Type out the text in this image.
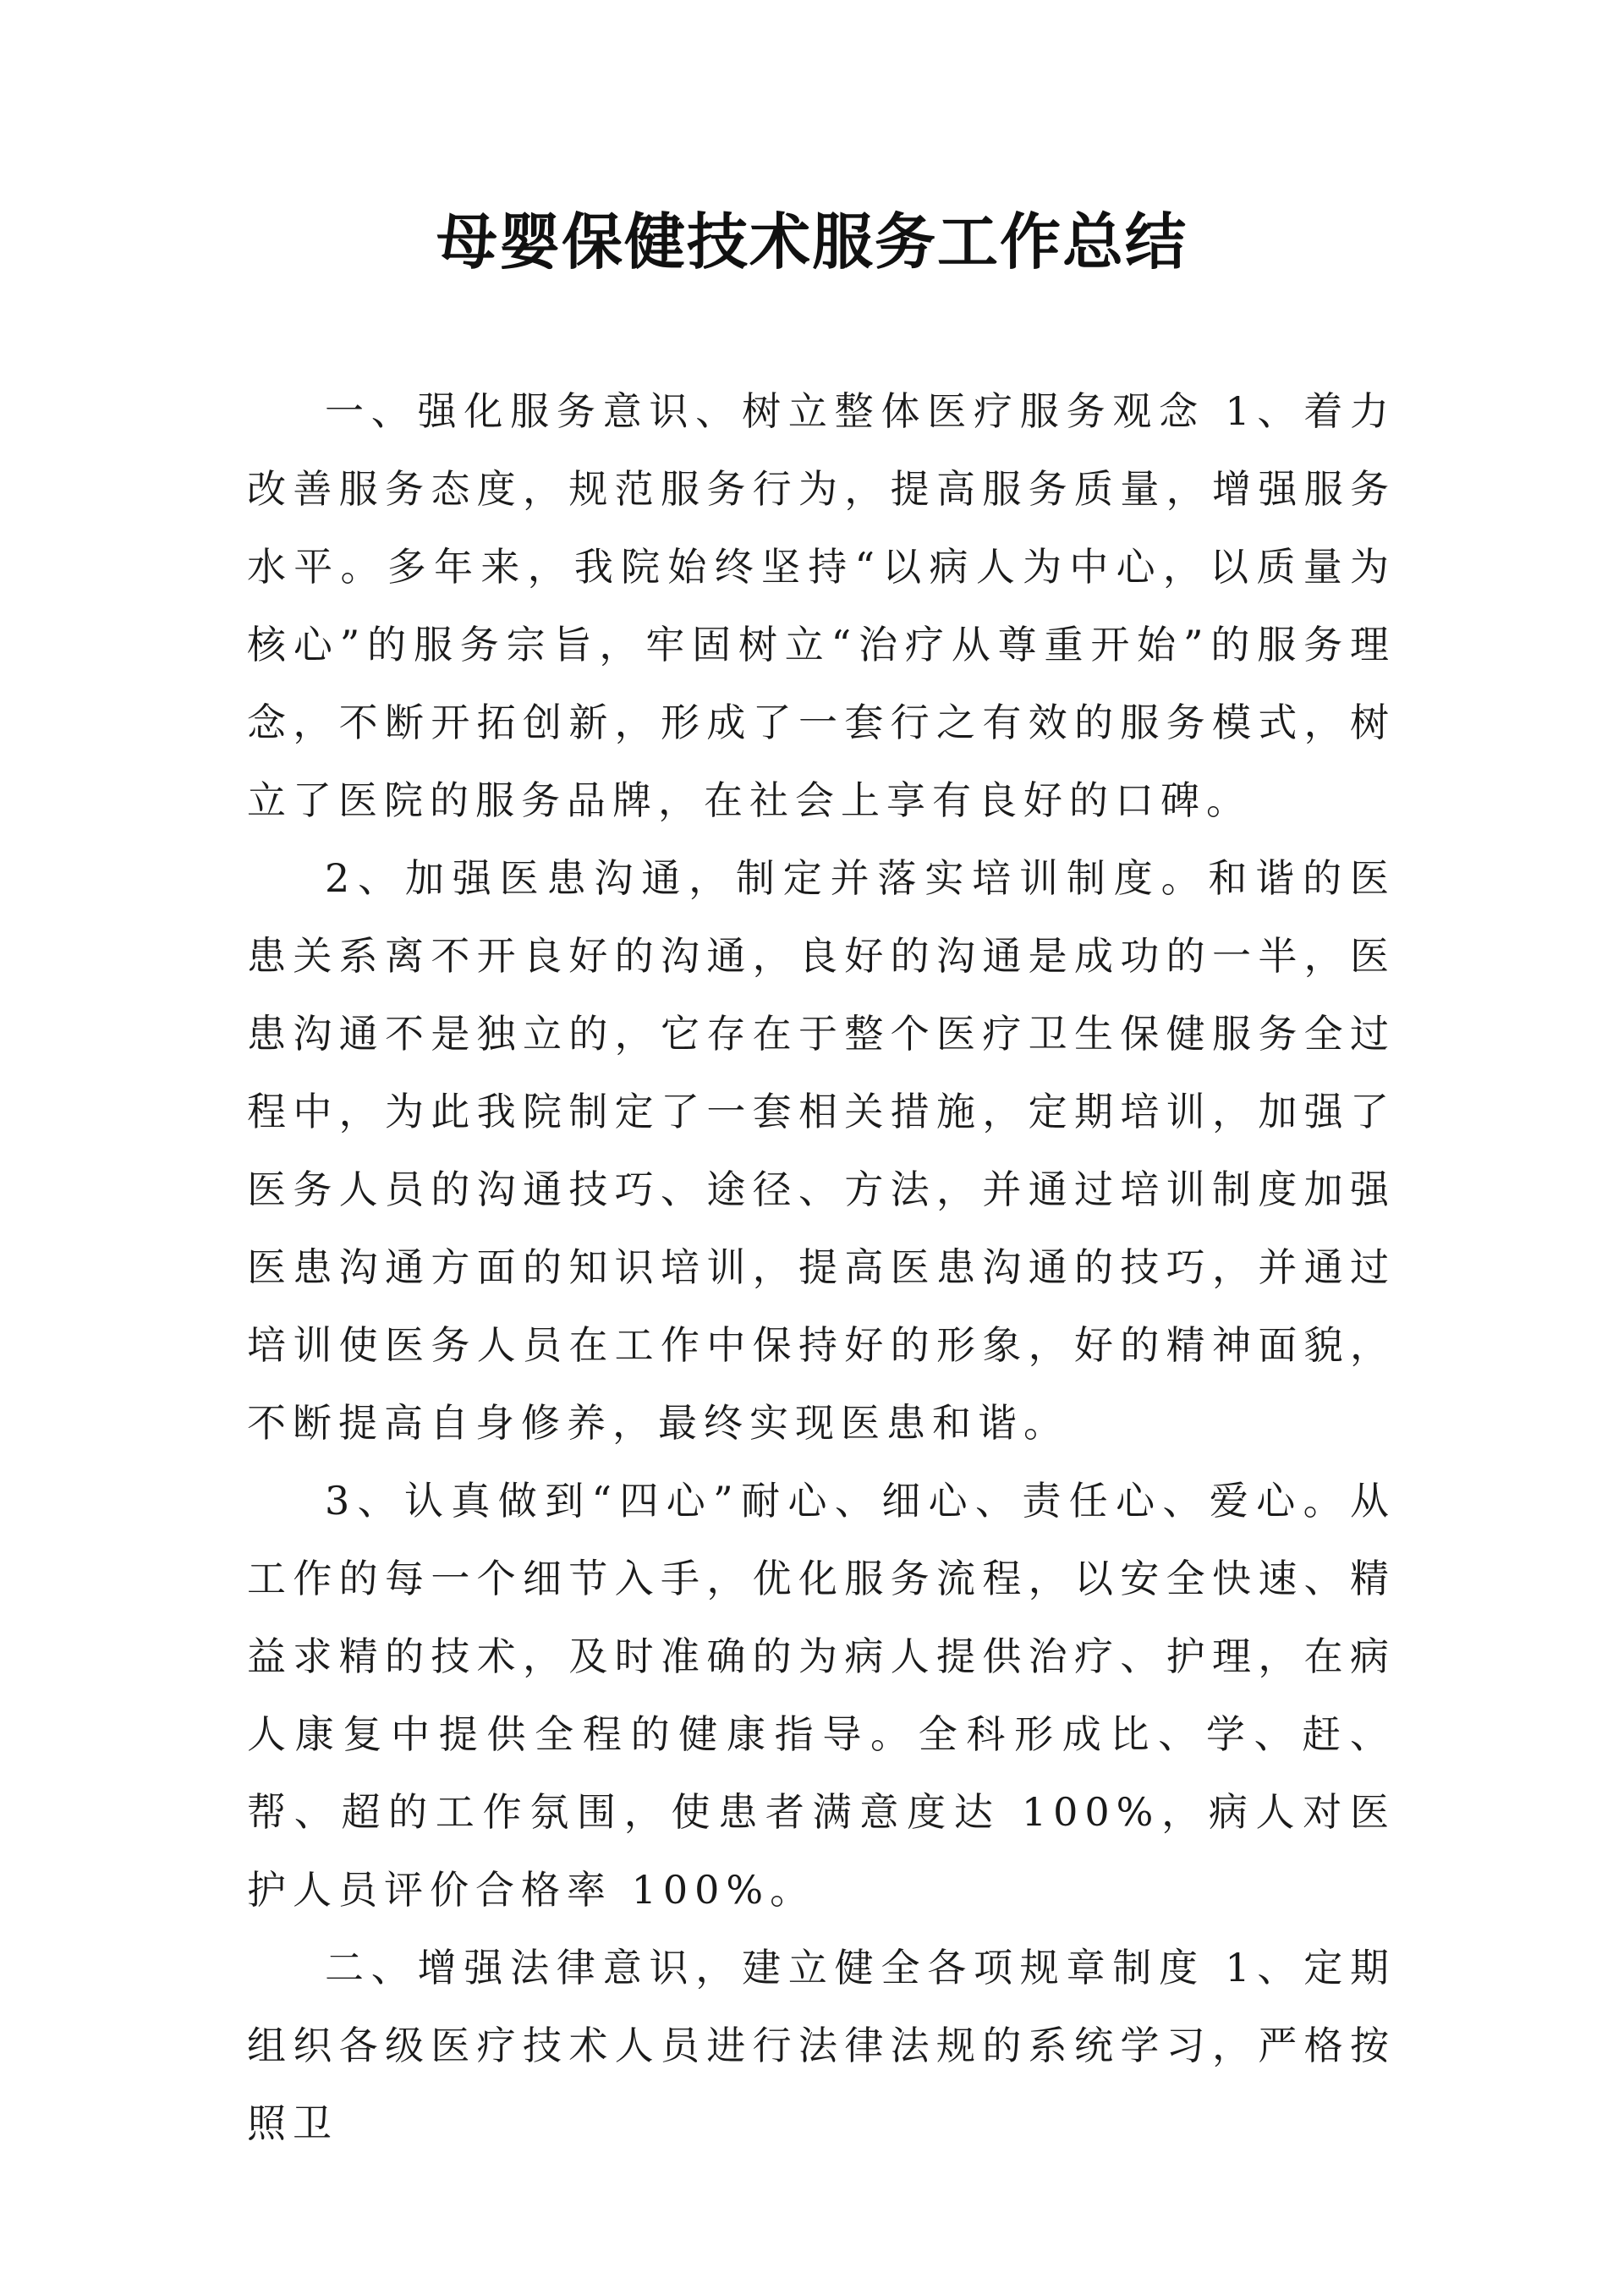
母婴保健技术服务工作总结

一、强化服务意识、树立整体医疗服务观念 1、着力改善服务态度，规范服务行为，提高服务质量，增强服务水平。多年来，我院始终坚持“以病人为中心，以质量为核心”的服务宗旨，牢固树立“治疗从尊重开始”的服务理念，不断开拓创新，形成了一套行之有效的服务模式，树立了医院的服务品牌，在社会上享有良好的口碑。

2、加强医患沟通，制定并落实培训制度。和谐的医患关系离不开良好的沟通，良好的沟通是成功的一半，医患沟通不是独立的，它存在于整个医疗卫生保健服务全过程中，为此我院制定了一套相关措施，定期培训，加强了医务人员的沟通技巧、途径、方法，并通过培训制度加强医患沟通方面的知识培训，提高医患沟通的技巧，并通过培训使医务人员在工作中保持好的形象，好的精神面貌，不断提高自身修养，最终实现医患和谐。

3、认真做到“四心”耐心、细心、责任心、爱心。从工作的每一个细节入手，优化服务流程，以安全快速、精益求精的技术，及时准确的为病人提供治疗、护理，在病人康复中提供全程的健康指导。全科形成比、学、赶、帮、超的工作氛围，使患者满意度达 100%，病人对医护人员评价合格率 100%。

二、增强法律意识，建立健全各项规章制度 1、定期组织各级医疗技术人员进行法律法规的系统学习，严格按照卫
